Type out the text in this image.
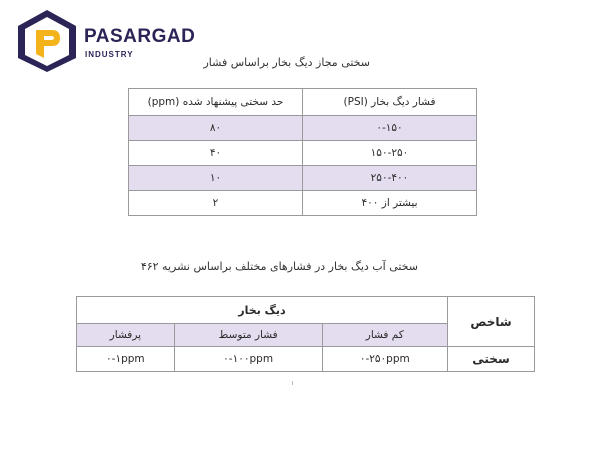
PASARGAD
INDUSTRY
سختی مجاز دیگ بخار براساس فشار
فشار دیگ بخار (PSI)	حد سختی پیشنهاد شده (ppm)
۰-۱۵۰	۸۰
۱۵۰-۲۵۰	۴۰
۲۵۰-۴۰۰	۱۰
بیشتر از ۴۰۰	۲
سختی آب دیگ بخار در فشارهای مختلف براساس نشریه ۴۶۲
شاخص	دیگ بخار		
	کم فشار	فشار متوسط	پرفشار
سختی	۰-۲۵۰ppm	۰-۱۰۰ppm	۰-۱ppm
